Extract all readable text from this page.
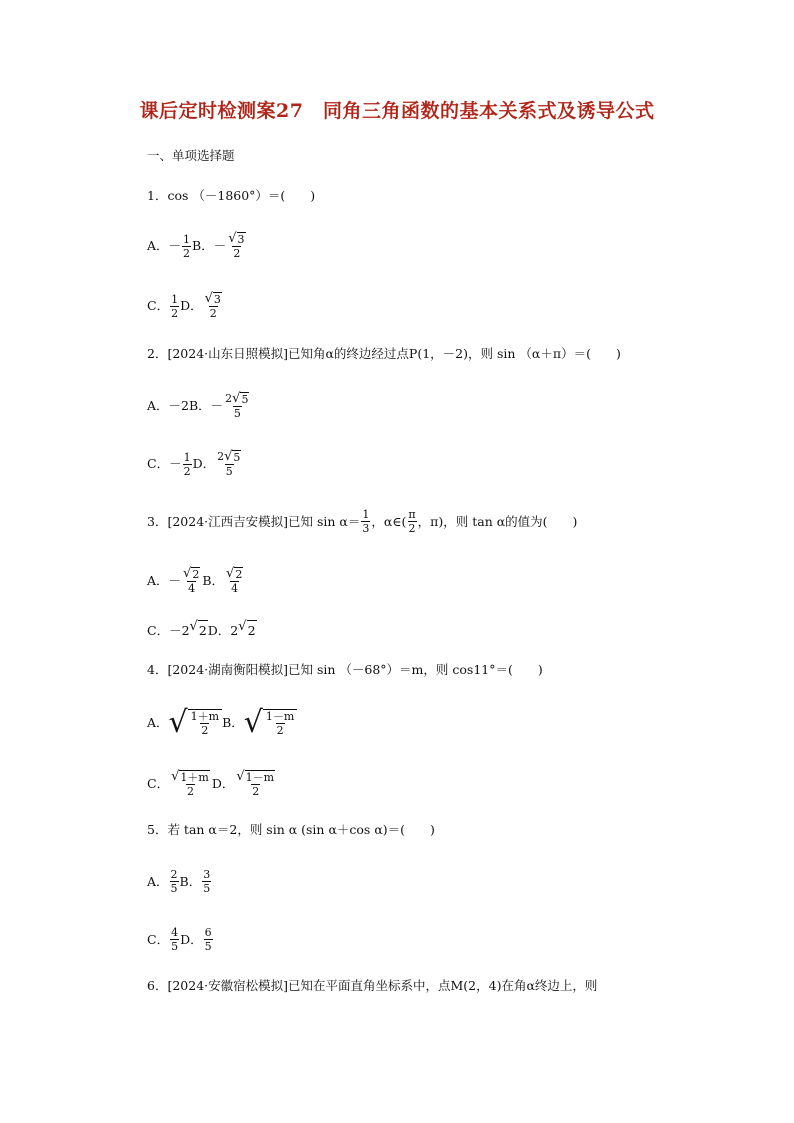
课后定时检测案27　同角三角函数的基本关系式及诱导公式
一、单项选择题
1．cos （－1860°）＝(　　)
A．－ $\frac{1}{2}$ B．－ $\frac{√ 3}{2}$
C． $\frac{1}{2}$ D． $\frac{√ 3}{2}$
2．[2024·山东日照模拟]已知角α的终边经过点P(1，－2)，则 sin （α＋π）＝(　　)
A．－2 B．－ $\frac{2 √ 5}{5}$
C．－ $\frac{1}{2}$ D． $\frac{2 √ 5}{5}$
3．[2024·江西吉安模拟]已知 $\sin \alpha= \frac{1}{3}$ ，α∈( $\frac{\pi}{2}$ ，π)，则 tan α的值为(　　)
A．－ $\frac{√ 2}{4}$ B． $\frac{√ 2}{4}$
C．－2 √ 2 D．2 √ 2
4．[2024·湖南衡阳模拟]已知 sin （－68°）＝m，则 cos11°＝(　　)
A． √ $\frac{1+m}{2}$ B． √ $\frac{1-m}{2}$
C． $\frac{√ 1+m}{2}$ D． $\frac{√ 1-m}{2}$
5．若 tan α＝2，则 sin α (sin α＋cos α)＝(　　)
A． $\frac{2}{5}$ B． $\frac{3}{5}$
C． $\frac{4}{5}$ D． $\frac{6}{5}$
6．[2024·安徽宿松模拟]已知在平面直角坐标系中，点M(2，4)在角α终边上，则
